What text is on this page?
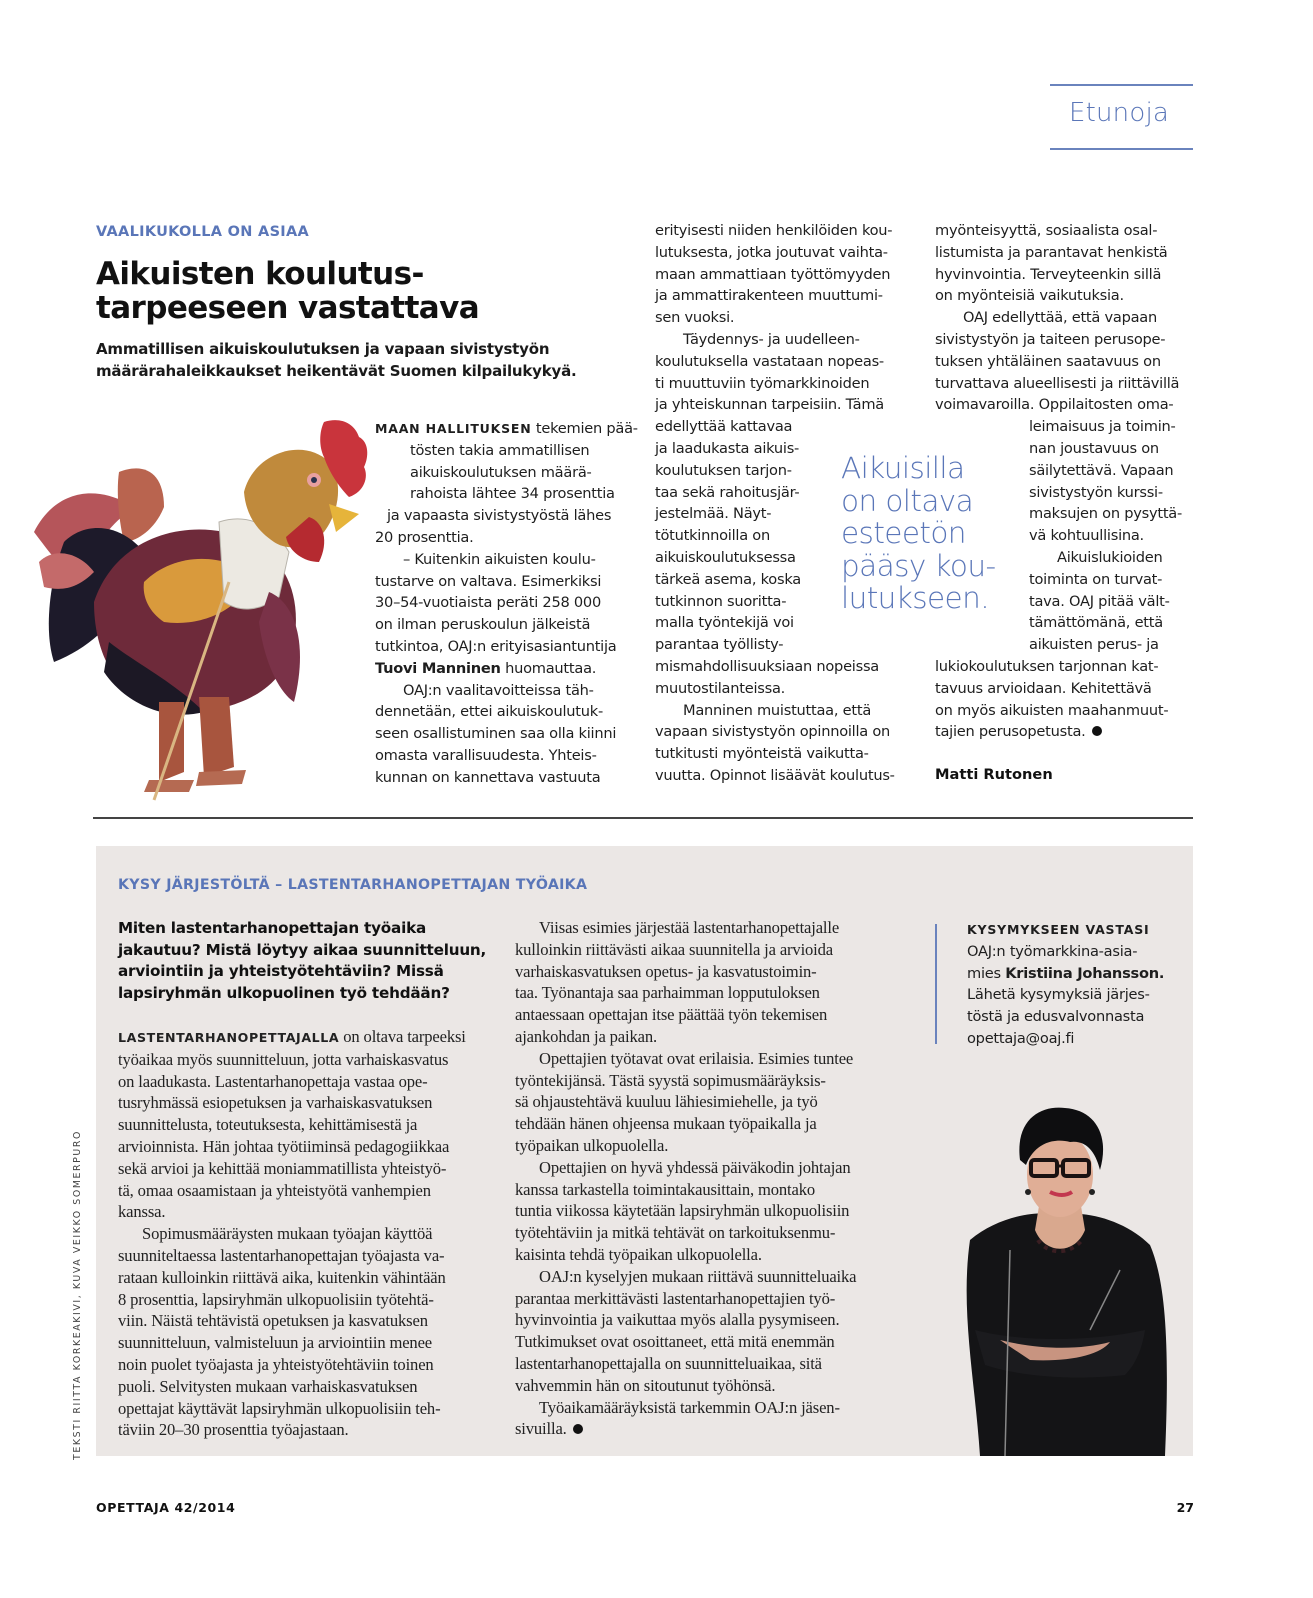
Etunoja
VAALIKUKOLLA ON ASIAA
Aikuisten koulutus-
tarpeeseen vastattava
Ammatillisen aikuiskoulutuksen ja vapaan sivistystyön
määrärahaleikkaukset heikentävät Suomen kilpailukykyä.
MAAN HALLITUKSEN tekemien pää-
tösten takia ammatillisen
aikuiskoulutuksen määrä-
rahoista lähtee 34 prosenttia
ja vapaasta sivistystyöstä lähes
20 prosenttia.
– Kuitenkin aikuisten koulu-
tustarve on valtava. Esimerkiksi
30–54-vuotiaista peräti 258 000
on ilman peruskoulun jälkeistä
tutkintoa, OAJ:n erityisasiantuntija
Tuovi Manninen huomauttaa.
OAJ:n vaalitavoitteissa täh-
dennetään, ettei aikuiskoulutuk-
seen osallistuminen saa olla kiinni
omasta varallisuudesta. Yhteis-
kunnan on kannettava vastuuta
erityisesti niiden henkilöiden kou-
lutuksesta, jotka joutuvat vaihta-
maan ammattiaan työttömyyden
ja ammattirakenteen muuttumi-
sen vuoksi.
Täydennys- ja uudelleen-
koulutuksella vastataan nopeas-
ti muuttuviin työmarkkinoiden
ja yhteiskunnan tarpeisiin. Tämä
edellyttää kattavaa
ja laadukasta aikuis-
koulutuksen tarjon-
taa sekä rahoitusjär-
jestelmää. Näyt-
tötutkinnoilla on
aikuiskoulutuksessa
tärkeä asema, koska
tutkinnon suoritta-
malla työntekijä voi
parantaa työllisty-
mismahdollisuuksiaan nopeissa
muutostilanteissa.
Manninen muistuttaa, että
vapaan sivistystyön opinnoilla on
tutkitusti myönteistä vaikutta-
vuutta. Opinnot lisäävät koulutus-
Aikuisilla
on oltava
esteetön
pääsy kou-
lutukseen.
myönteisyyttä, sosiaalista osal-
listumista ja parantavat henkistä
hyvinvointia. Terveyteenkin sillä
on myönteisiä vaikutuksia.
OAJ edellyttää, että vapaan
sivistystyön ja taiteen perusope-
tuksen yhtäläinen saatavuus on
turvattava alueellisesti ja riittävillä
voimavaroilla. Oppilaitosten oma-
leimaisuus ja toimin-
nan joustavuus on
säilytettävä. Vapaan
sivistystyön kurssi-
maksujen on pysyttä-
vä kohtuullisina.
Aikuislukioiden
toiminta on turvat-
tava. OAJ pitää vält-
tämättömänä, että
aikuisten perus- ja
lukiokoulutuksen tarjonnan kat-
tavuus arvioidaan. Kehitettävä
on myös aikuisten maahanmuut-
tajien perusopetusta.
Matti Rutonen
KYSY JÄRJESTÖLTÄ – LASTENTARHANOPETTAJAN TYÖAIKA
Miten lastentarhanopettajan työaika
jakautuu? Mistä löytyy aikaa suunnitteluun,
arviointiin ja yhteistyötehtäviin? Missä
lapsiryhmän ulkopuolinen työ tehdään?
LASTENTARHANOPETTAJALLA on oltava tarpeeksi
työaikaa myös suunnitteluun, jotta varhaiskasvatus
on laadukasta. Lastentarhanopettaja vastaa ope-
tusryhmässä esiopetuksen ja varhaiskasvatuksen
suunnittelusta, toteutuksesta, kehittämisestä ja
arvioinnista. Hän johtaa työtiiminsä pedagogiikkaa
sekä arvioi ja kehittää moniammatillista yhteistyö-
tä, omaa osaamistaan ja yhteistyötä vanhempien
kanssa.
Sopimusmääräysten mukaan työajan käyttöä
suunniteltaessa lastentarhanopettajan työajasta va-
rataan kulloinkin riittävä aika, kuitenkin vähintään
8 prosenttia, lapsiryhmän ulkopuolisiin työtehtä-
viin. Näistä tehtävistä opetuksen ja kasvatuksen
suunnitteluun, valmisteluun ja arviointiin menee
noin puolet työajasta ja yhteistyötehtäviin toinen
puoli. Selvitysten mukaan varhaiskasvatuksen
opettajat käyttävät lapsiryhmän ulkopuolisiin teh-
täviin 20–30 prosenttia työajastaan.
Viisas esimies järjestää lastentarhanopettajalle
kulloinkin riittävästi aikaa suunnitella ja arvioida
varhaiskasvatuksen opetus- ja kasvatustoimin-
taa. Työnantaja saa parhaimman lopputuloksen
antaessaan opettajan itse päättää työn tekemisen
ajankohdan ja paikan.
Opettajien työtavat ovat erilaisia. Esimies tuntee
työntekijänsä. Tästä syystä sopimusmääräyksis-
sä ohjaustehtävä kuuluu lähiesimiehelle, ja työ
tehdään hänen ohjeensa mukaan työpaikalla ja
työpaikan ulkopuolella.
Opettajien on hyvä yhdessä päiväkodin johtajan
kanssa tarkastella toimintakausittain, montako
tuntia viikossa käytetään lapsiryhmän ulkopuolisiin
työtehtäviin ja mitkä tehtävät on tarkoituksenmu-
kaisinta tehdä työpaikan ulkopuolella.
OAJ:n kyselyjen mukaan riittävä suunnitteluaika
parantaa merkittävästi lastentarhanopettajien työ-
hyvinvointia ja vaikuttaa myös alalla pysymiseen.
Tutkimukset ovat osoittaneet, että mitä enemmän
lastentarhanopettajalla on suunnitteluaikaa, sitä
vahvemmin hän on sitoutunut työhönsä.
Työaikamääräyksistä tarkemmin OAJ:n jäsen-
sivuilla.
KYSYMYKSEEN VASTASI
OAJ:n työmarkkina-asia-
mies Kristiina Johansson.
Lähetä kysymyksiä järjes-
töstä ja edusvalvonnasta
opettaja@oaj.fi
TEKSTI RIITTA KORKEAKIVI, KUVA VEIKKO SOMERPURO
OPETTAJA 42/2014	27
